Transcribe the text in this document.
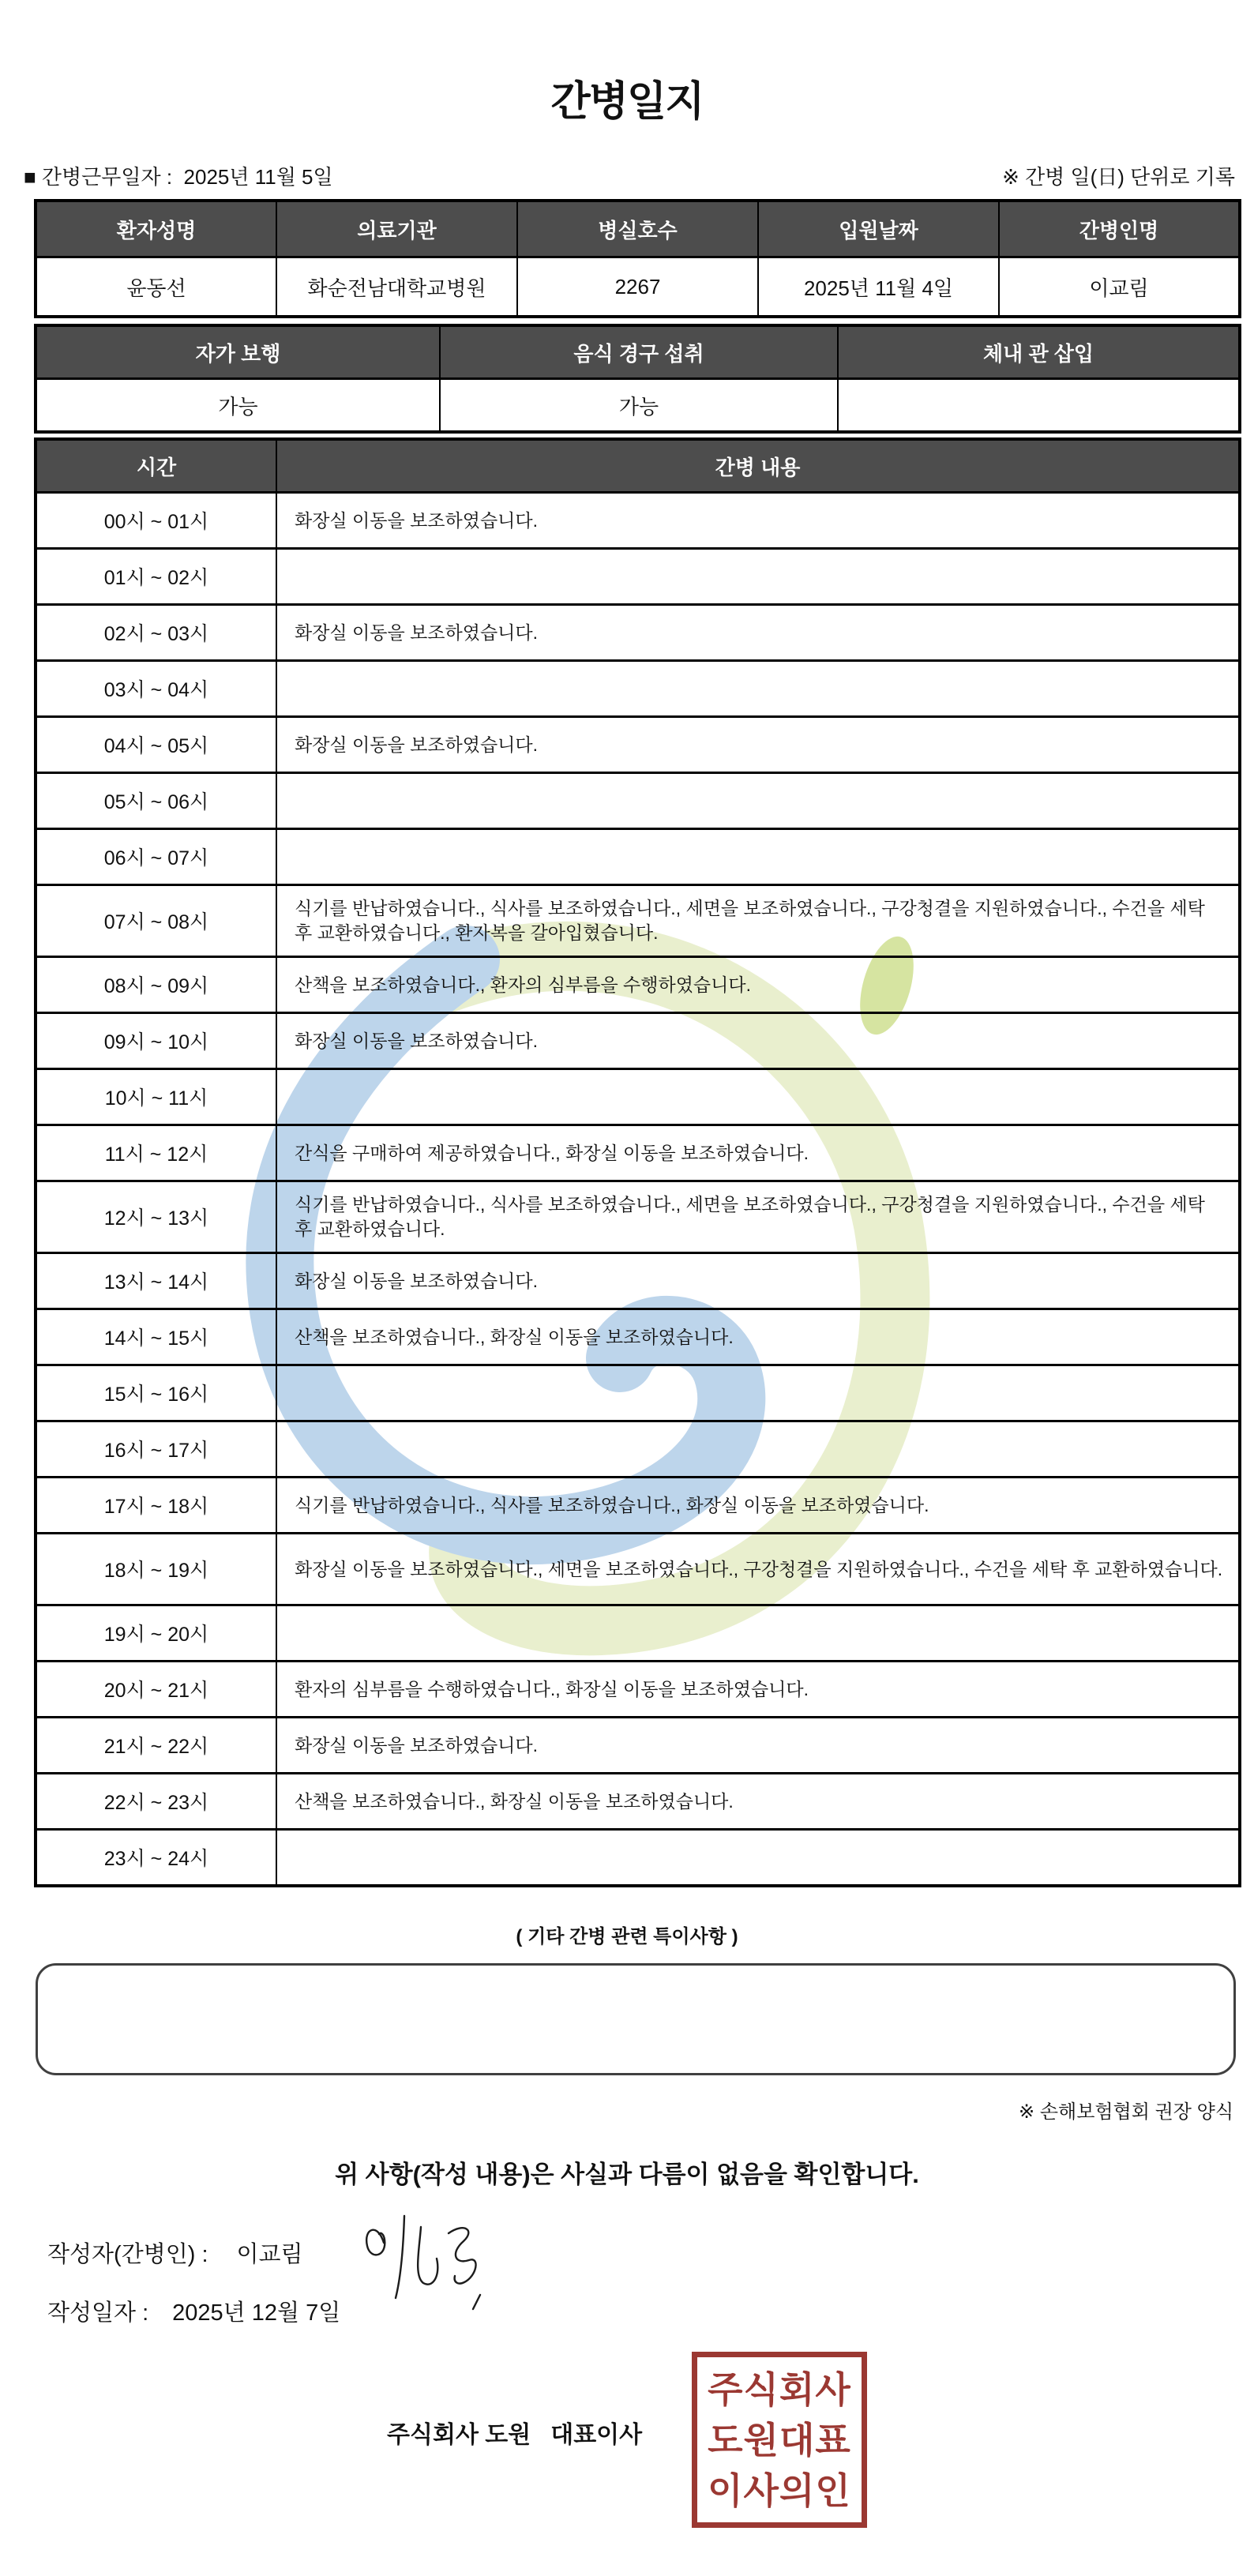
간병일지
■ 간병근무일자 : 2025년 11월 5일	※ 간병 일(日) 단위로 기록
환자성명	의료기관	병실호수	입원날짜	간병인명
윤동선	화순전남대학교병원	2267	2025년 11월 4일	이교림
자가 보행	음식 경구 섭취	체내 관 삽입
가능	가능	
시간	간병 내용
00시 ~ 01시	화장실 이동을 보조하였습니다.

01시 ~ 02시	

02시 ~ 03시	화장실 이동을 보조하였습니다.

03시 ~ 04시	

04시 ~ 05시	화장실 이동을 보조하였습니다.

05시 ~ 06시	

06시 ~ 07시	

07시 ~ 08시	식기를 반납하였습니다., 식사를 보조하였습니다., 세면을 보조하였습니다., 구강청결을 지원하였습니다., 수건을 세탁 후 교환하였습니다., 환자복을 갈아입혔습니다.

08시 ~ 09시	산책을 보조하였습니다., 환자의 심부름을 수행하였습니다.

09시 ~ 10시	화장실 이동을 보조하였습니다.

10시 ~ 11시	

11시 ~ 12시	간식을 구매하여 제공하였습니다., 화장실 이동을 보조하였습니다.

12시 ~ 13시	식기를 반납하였습니다., 식사를 보조하였습니다., 세면을 보조하였습니다., 구강청결을 지원하였습니다., 수건을 세탁 후 교환하였습니다.

13시 ~ 14시	화장실 이동을 보조하였습니다.

14시 ~ 15시	산책을 보조하였습니다., 화장실 이동을 보조하였습니다.

15시 ~ 16시	

16시 ~ 17시	

17시 ~ 18시	식기를 반납하였습니다., 식사를 보조하였습니다., 화장실 이동을 보조하였습니다.

18시 ~ 19시	화장실 이동을 보조하였습니다., 세면을 보조하였습니다., 구강청결을 지원하였습니다., 수건을 세탁 후 교환하였습니다.

19시 ~ 20시	

20시 ~ 21시	환자의 심부름을 수행하였습니다., 화장실 이동을 보조하였습니다.

21시 ~ 22시	화장실 이동을 보조하였습니다.

22시 ~ 23시	산책을 보조하였습니다., 화장실 이동을 보조하였습니다.

23시 ~ 24시	
( 기타 간병 관련 특이사항 )
※ 손해보험협회 권장 양식
위 사항(작성 내용)은 사실과 다름이 없음을 확인합니다.
작성자(간병인) : 이교림
작성일자 : 2025년 12월 7일
주식회사 도원   대표이사
주식회사
도원대표
이사의인
